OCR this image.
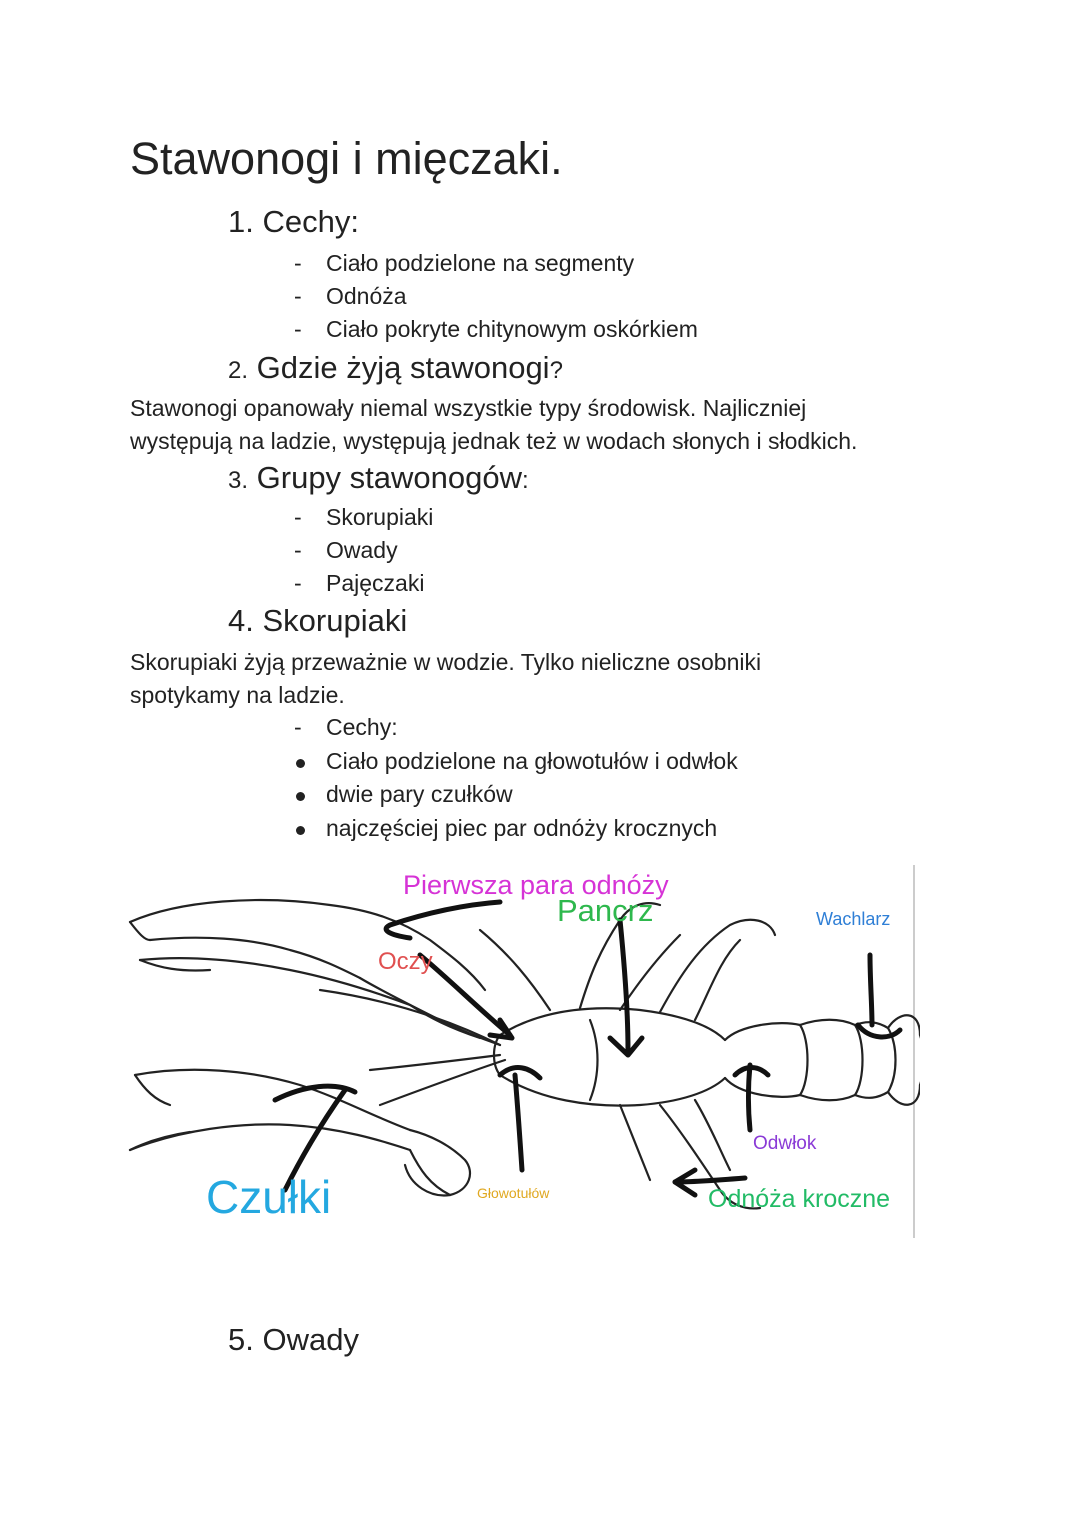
Stawonogi i mięczaki.
1. Cechy:
- Ciało podzielone na segmenty
- Odnóża
- Ciało pokryte chitynowym oskórkiem
2. Gdzie żyją stawonogi?
Stawonogi opanowały niemal wszystkie typy środowisk. Najliczniej
występują na ladzie, występują jednak też w wodach słonych i słodkich.
3. Grupy stawonogów:
- Skorupiaki
- Owady
- Pajęczaki
4. Skorupiaki
Skorupiaki żyją przeważnie w wodzie. Tylko nieliczne osobniki
spotykamy na ladzie.
- Cechy:
Ciało podzielone na głowotułów i odwłok
dwie pary czułków
najczęściej piec par odnóży krocznych
Pierwsza para odnóży
Pancrz	Wachlarz
Oczy
Czułki	Głowotułów
Odwłok
Odnóża kroczne
5. Owady
